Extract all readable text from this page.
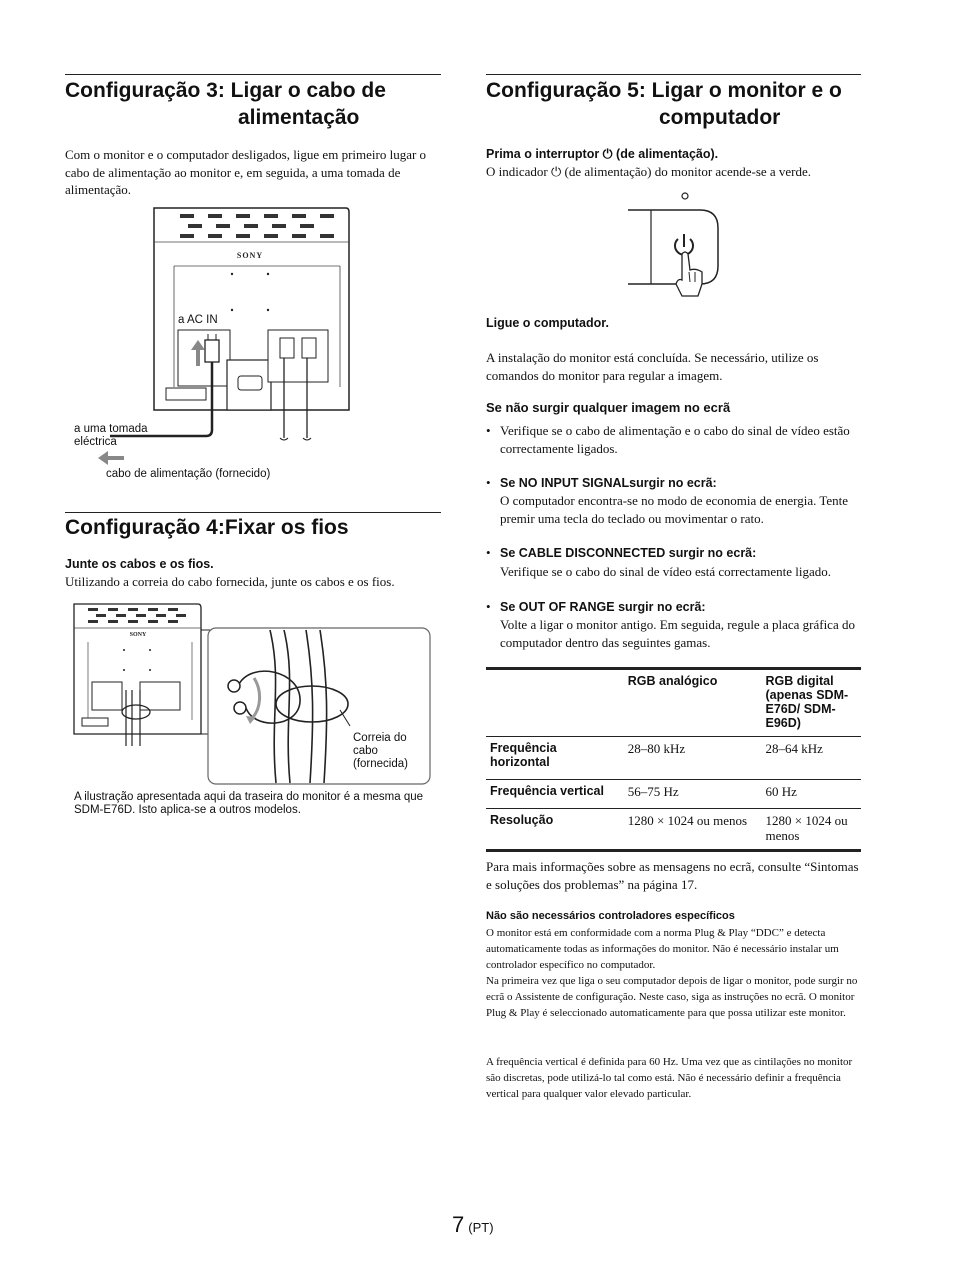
Configuração 3: Ligar o cabo de
alimentação
Com o monitor e o computador desligados, ligue em primeiro lugar o cabo de alimentação ao monitor e, em seguida, a uma tomada de alimentação.
SONY
a AC IN
a uma tomada eléctrica
cabo de alimentação (fornecido)
Configuração 4:Fixar os fios
Junte os cabos e os fios.
Utilizando a correia do cabo fornecida, junte os cabos e os fios.
SONY
Correia do cabo (fornecida)
A ilustração apresentada aqui da traseira do monitor é a mesma que SDM-E76D. Isto aplica-se a outros modelos.
Configuração 5: Ligar o monitor e o
computador
Prima o interruptor ⏻ (de alimentação).
O indicador ⏻ (de alimentação) do monitor acende-se a verde.
Ligue o computador.
A instalação do monitor está concluída. Se necessário, utilize os comandos do monitor para regular a imagem.
Se não surgir qualquer imagem no ecrã
• Verifique se o cabo de alimentação e o cabo do sinal de vídeo estão correctamente ligados.
• Se NO INPUT SIGNALsurgir no ecrã:
O computador encontra-se no modo de economia de energia. Tente premir uma tecla do teclado ou movimentar o rato.
• Se CABLE DISCONNECTED surgir no ecrã:
Verifique se o cabo do sinal de vídeo está correctamente ligado.
• Se OUT OF RANGE surgir no ecrã:
Volte a ligar o monitor antigo. Em seguida, regule a placa gráfica do computador dentro das seguintes gamas.
	RGB analógico	RGB digital (apenas SDM-E76D/ SDM-E96D)
Frequência horizontal	28–80 kHz	28–64 kHz
Frequência vertical	56–75 Hz	60 Hz
Resolução	1280 × 1024 ou menos	1280 × 1024 ou menos
Para mais informações sobre as mensagens no ecrã, consulte “Sintomas e soluções dos problemas” na página 17.
Não são necessários controladores específicos
O monitor está em conformidade com a norma Plug & Play “DDC” e detecta automaticamente todas as informações do monitor. Não é necessário instalar um controlador específico no computador.
Na primeira vez que liga o seu computador depois de ligar o monitor, pode surgir no ecrã o Assistente de configuração. Neste caso, siga as instruções no ecrã. O monitor Plug & Play é seleccionado automaticamente para que possa utilizar este monitor.
A frequência vertical é definida para 60 Hz. Uma vez que as cintilações no monitor são discretas, pode utilizá-lo tal como está. Não é necessário definir a frequência vertical para qualquer valor elevado particular.
7 (PT)
